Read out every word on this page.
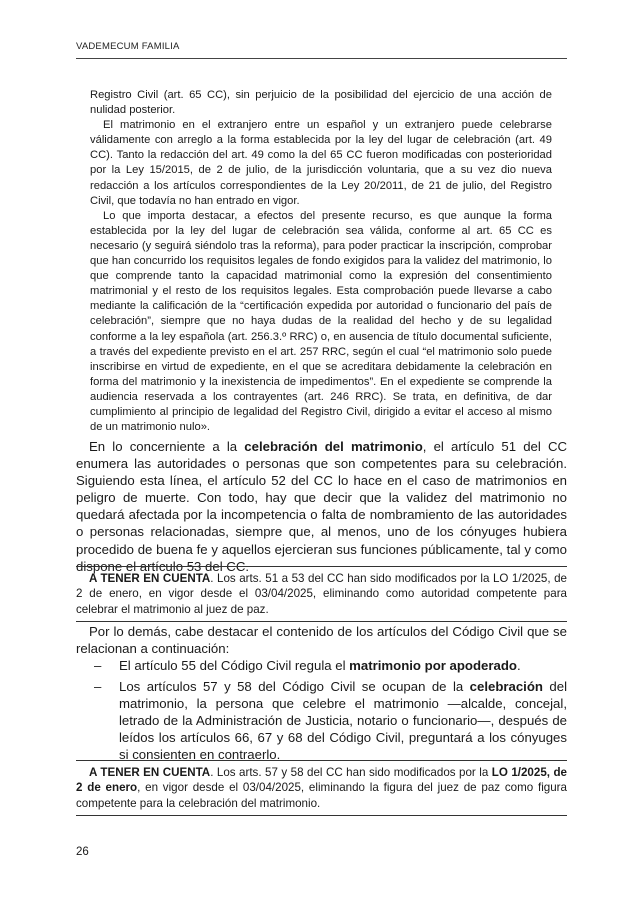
VADEMECUM FAMILIA

Registro Civil (art. 65 CC), sin perjuicio de la posibilidad del ejercicio de una acción de nulidad posterior.

El matrimonio en el extranjero entre un español y un extranjero puede celebrarse válidamente con arreglo a la forma establecida por la ley del lugar de celebración (art. 49 CC). Tanto la redacción del art. 49 como la del 65 CC fueron modificadas con posterioridad por la Ley 15/2015, de 2 de julio, de la jurisdicción voluntaria, que a su vez dio nueva redacción a los artículos correspondientes de la Ley 20/2011, de 21 de julio, del Registro Civil, que todavía no han entrado en vigor.

Lo que importa destacar, a efectos del presente recurso, es que aunque la forma establecida por la ley del lugar de celebración sea válida, conforme al art. 65 CC es necesario (y seguirá siéndolo tras la reforma), para poder practicar la inscripción, comprobar que han concurrido los requisitos legales de fondo exigidos para la validez del matrimonio, lo que comprende tanto la capacidad matrimonial como la expresión del consentimiento matrimonial y el resto de los requisitos legales. Esta comprobación puede llevarse a cabo mediante la calificación de la “certificación expedida por autoridad o funcionario del país de celebración”, siempre que no haya dudas de la realidad del hecho y de su legalidad conforme a la ley española (art. 256.3.º RRC) o, en ausencia de título documental suficiente, a través del expediente previsto en el art. 257 RRC, según el cual “el matrimonio solo puede inscribirse en virtud de expediente, en el que se acreditara debidamente la celebración en forma del matrimonio y la inexistencia de impedimentos”. En el expediente se comprende la audiencia reservada a los contrayentes (art. 246 RRC). Se trata, en definitiva, de dar cumplimiento al principio de legalidad del Registro Civil, dirigido a evitar el acceso al mismo de un matrimonio nulo».

En lo concerniente a la celebración del matrimonio, el artículo 51 del CC enumera las autoridades o personas que son competentes para su celebración. Siguiendo esta línea, el artículo 52 del CC lo hace en el caso de matrimonios en peligro de muerte. Con todo, hay que decir que la validez del matrimonio no quedará afectada por la incompetencia o falta de nombramiento de las autoridades o personas relacionadas, siempre que, al menos, uno de los cónyuges hubiera procedido de buena fe y aquellos ejercieran sus funciones públicamente, tal y como dispone el artículo 53 del CC.

A TENER EN CUENTA. Los arts. 51 a 53 del CC han sido modificados por la LO 1/2025, de 2 de enero, en vigor desde el 03/04/2025, eliminando como autoridad competente para celebrar el matrimonio al juez de paz.

Por lo demás, cabe destacar el contenido de los artículos del Código Civil que se relacionan a continuación:

– El artículo 55 del Código Civil regula el matrimonio por apoderado.
– Los artículos 57 y 58 del Código Civil se ocupan de la celebración del matrimonio, la persona que celebre el matrimonio —alcalde, concejal, letrado de la Administración de Justicia, notario o funcionario—, después de leídos los artículos 66, 67 y 68 del Código Civil, preguntará a los cónyuges si consienten en contraerlo.

A TENER EN CUENTA. Los arts. 57 y 58 del CC han sido modificados por la LO 1/2025, de 2 de enero, en vigor desde el 03/04/2025, eliminando la figura del juez de paz como figura competente para la celebración del matrimonio.

26
